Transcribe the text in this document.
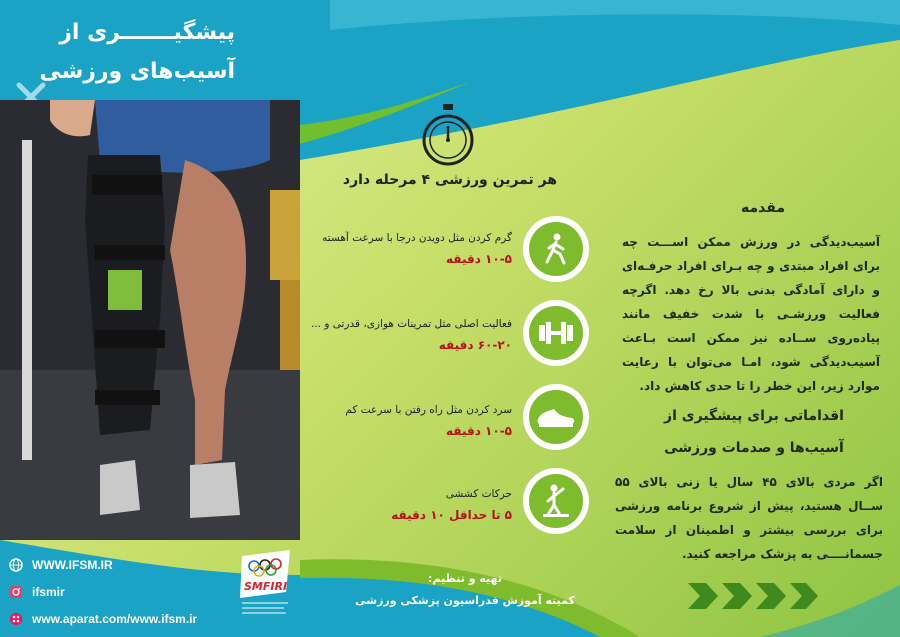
پیشگیـــــــری از
آسیب‌های ورزشی
هر تمرین ورزشی ۴ مرحله دارد
گرم کردن مثل دویدن درجا با سرعت آهسته
۱۰-۵ دقیقه
فعالیت اصلی مثل تمرینات هوازی، قدرتی و ...
۶۰-۲۰ دقیقه
سرد کردن مثل راه رفتن با سرعت کم
۱۰-۵ دقیقه
حرکات کششی
۵ تا حداقل ۱۰ دقیقه
مقدمه
آسیب‌دیدگی در ورزش ممکن اســـت چه برای افراد مبتدی و چه بـرای افراد حرفـه‌ای و دارای آمادگی بدنی بالا رخ دهد. اگرچه فعالیت ورزشـی با شدت خفیف مانند پیاده‌روی ســاده نیز ممکن است بـاعث آسیب‌دیدگی شود، امـا می‌توان با رعایت موارد زیر، این خطر را تا حدی کاهش داد.
اقداماتی برای پیشگیری از
آسیب‌ها و صدمات ورزشی
اگر مردی بالای ۴۵ سال یا زنی بالای ۵۵ ســال هستید، پیش از شروع برنامه ورزشی برای بررسی بیشتر و اطمینان از سلامت جسمانــــی به پزشک مراجعه کنید.
تهیه و تنظیم:
کمیته آموزش فدراسیون پزشکی ورزشی
WWW.IFSM.IR
ifsmir
www.aparat.com/www.ifsm.ir
SMFIRI
